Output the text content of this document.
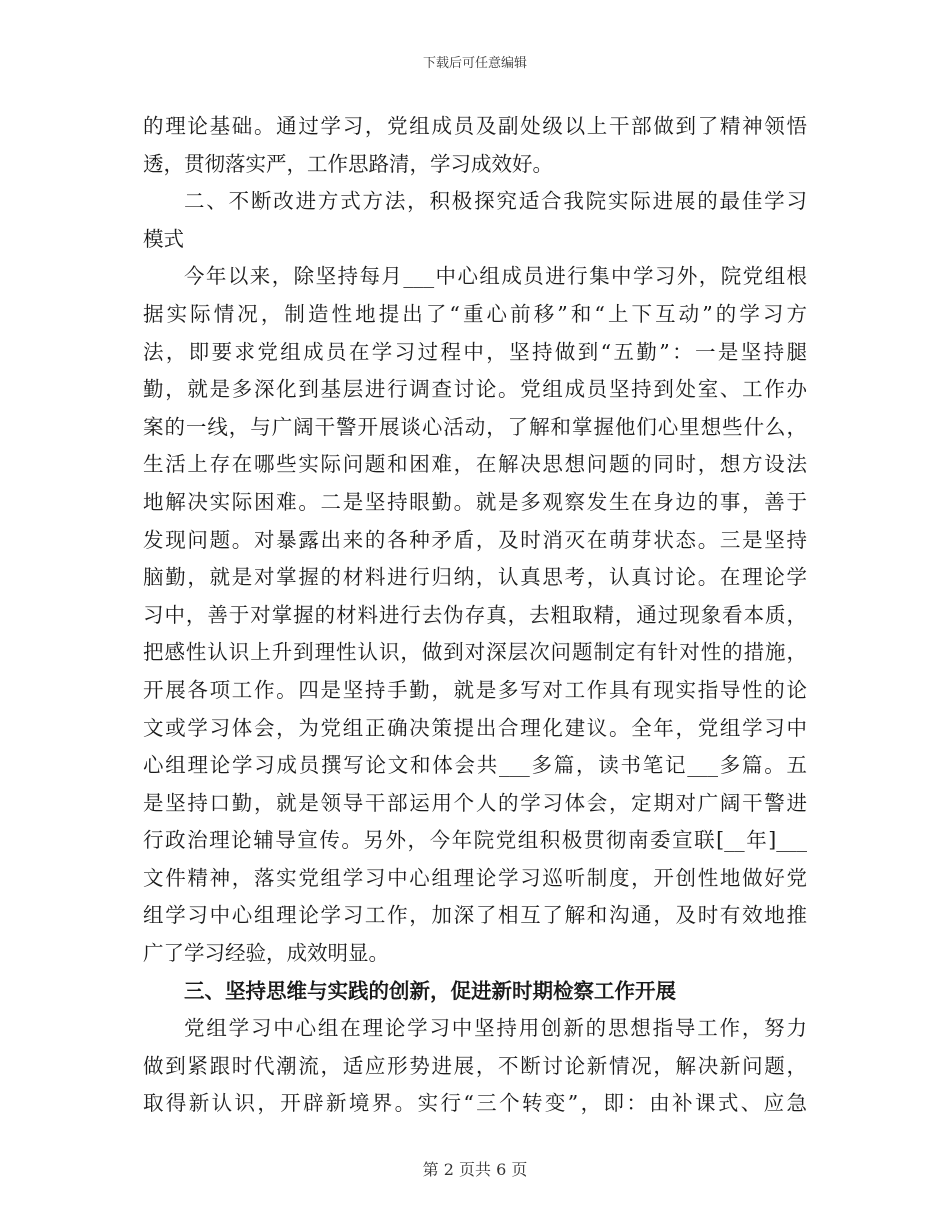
下载后可任意编辑
的理论基础。通过学习，党组成员及副处级以上干部做到了精神领悟
透，贯彻落实严，工作思路清，学习成效好。
二、不断改进方式方法，积极探究适合我院实际进展的最佳学习
模式
今年以来，除坚持每月___中心组成员进行集中学习外，院党组根
据实际情况，制造性地提出了“重心前移”和“上下互动”的学习方
法，即要求党组成员在学习过程中，坚持做到“五勤”：一是坚持腿
勤，就是多深化到基层进行调查讨论。党组成员坚持到处室、工作办
案的一线，与广阔干警开展谈心活动，了解和掌握他们心里想些什么，
生活上存在哪些实际问题和困难，在解决思想问题的同时，想方设法
地解决实际困难。二是坚持眼勤。就是多观察发生在身边的事，善于
发现问题。对暴露出来的各种矛盾，及时消灭在萌芽状态。三是坚持
脑勤，就是对掌握的材料进行归纳，认真思考，认真讨论。在理论学
习中，善于对掌握的材料进行去伪存真，去粗取精，通过现象看本质，
把感性认识上升到理性认识，做到对深层次问题制定有针对性的措施，
开展各项工作。四是坚持手勤，就是多写对工作具有现实指导性的论
文或学习体会，为党组正确决策提出合理化建议。全年，党组学习中
心组理论学习成员撰写论文和体会共___多篇，读书笔记___多篇。五
是坚持口勤，就是领导干部运用个人的学习体会，定期对广阔干警进
行政治理论辅导宣传。另外，今年院党组积极贯彻南委宣联[__年]___
文件精神，落实党组学习中心组理论学习巡听制度，开创性地做好党
组学习中心组理论学习工作，加深了相互了解和沟通，及时有效地推
广了学习经验，成效明显。
三、坚持思维与实践的创新，促进新时期检察工作开展
党组学习中心组在理论学习中坚持用创新的思想指导工作，努力
做到紧跟时代潮流，适应形势进展，不断讨论新情况，解决新问题，
取得新认识，开辟新境界。实行“三个转变”，即：由补课式、应急
第 2 页共 6 页
